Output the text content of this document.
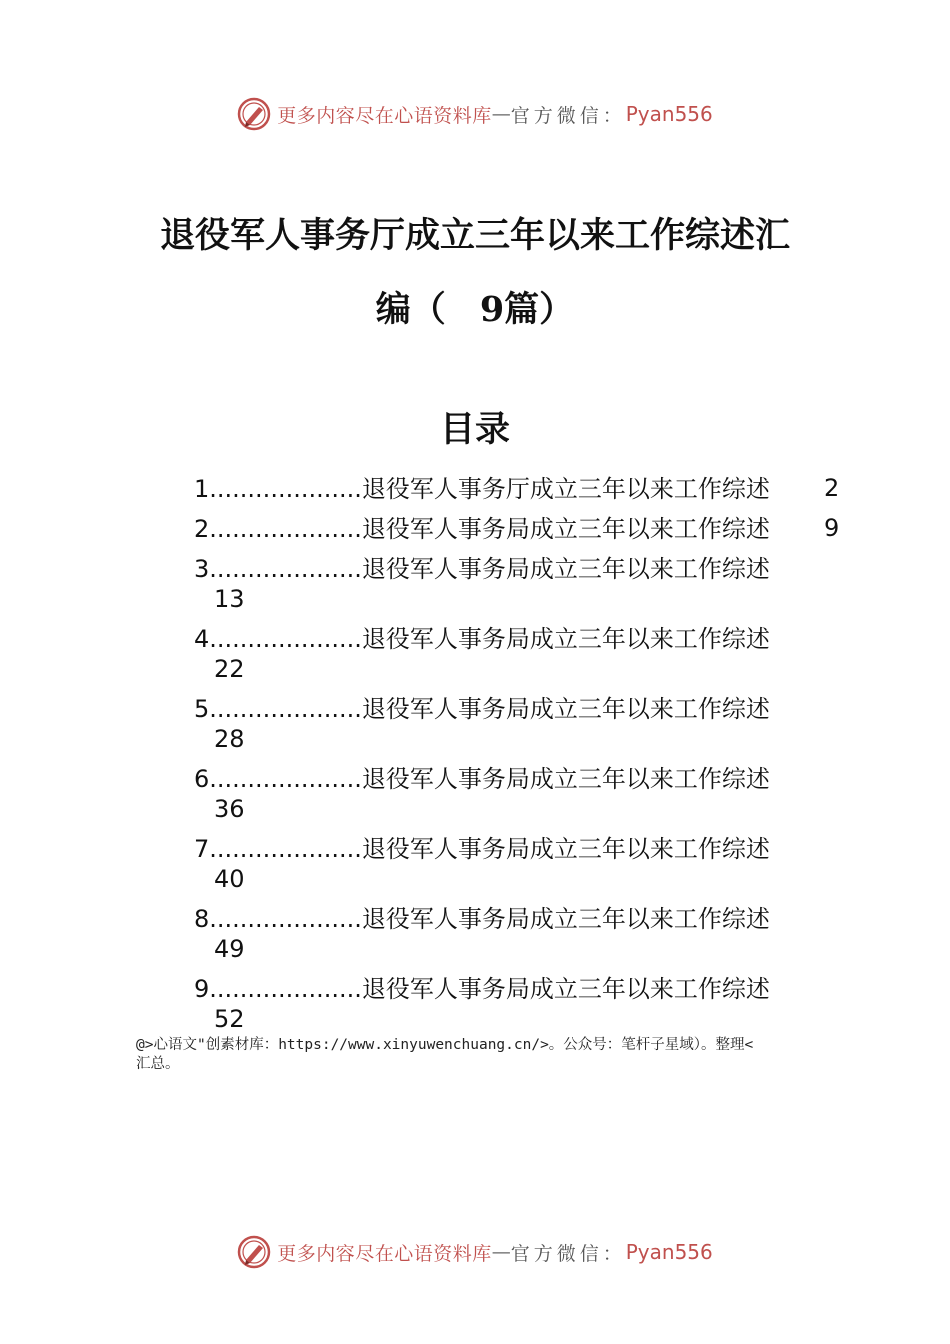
更多内容尽在心语资料库 — 官方微信： Pyan556
退役军人事务厅成立三年以来工作综述汇
编（ 9篇）
目录
1....................退役军人事务厅成立三年以来工作综述	2
2....................退役军人事务局成立三年以来工作综述	9
3....................退役军人事务局成立三年以来工作综述
13
4....................退役军人事务局成立三年以来工作综述
22
5....................退役军人事务局成立三年以来工作综述
28
6....................退役军人事务局成立三年以来工作综述
36
7....................退役军人事务局成立三年以来工作综述
40
8....................退役军人事务局成立三年以来工作综述
49
9....................退役军人事务局成立三年以来工作综述
52
@>心语文"创素材库：https://www.xinyuwenchuang.cn/>。公众号：笔杆子星域）。整理<
汇总。
更多内容尽在心语资料库 — 官方微信： Pyan556
